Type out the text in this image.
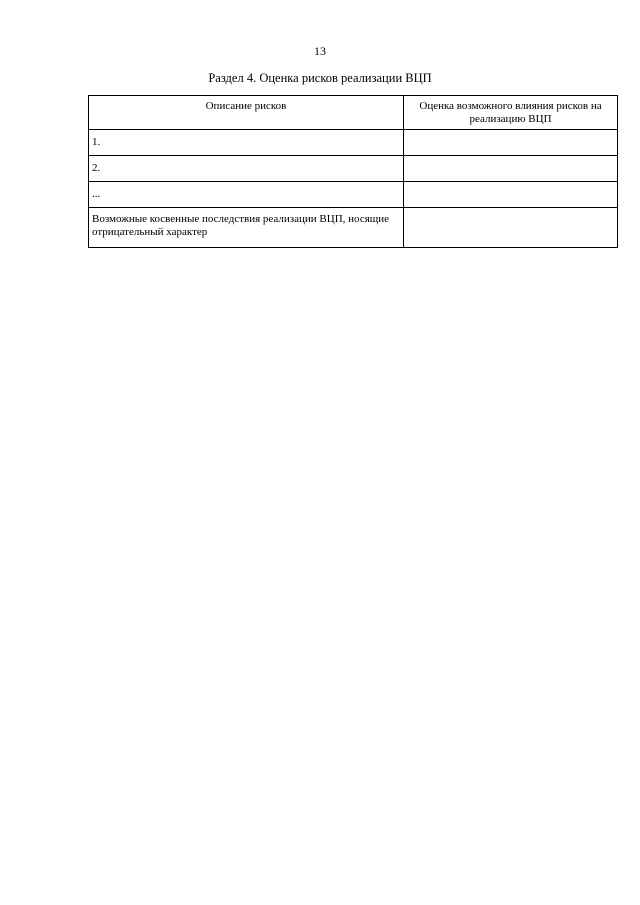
13
Раздел 4. Оценка рисков реализации ВЦП
Описание рисков	Оценка возможного влияния рисков на реализацию ВЦП
1.	
2.	
...	
Возможные косвенные последствия реализации ВЦП, носящие отрицательный характер	
